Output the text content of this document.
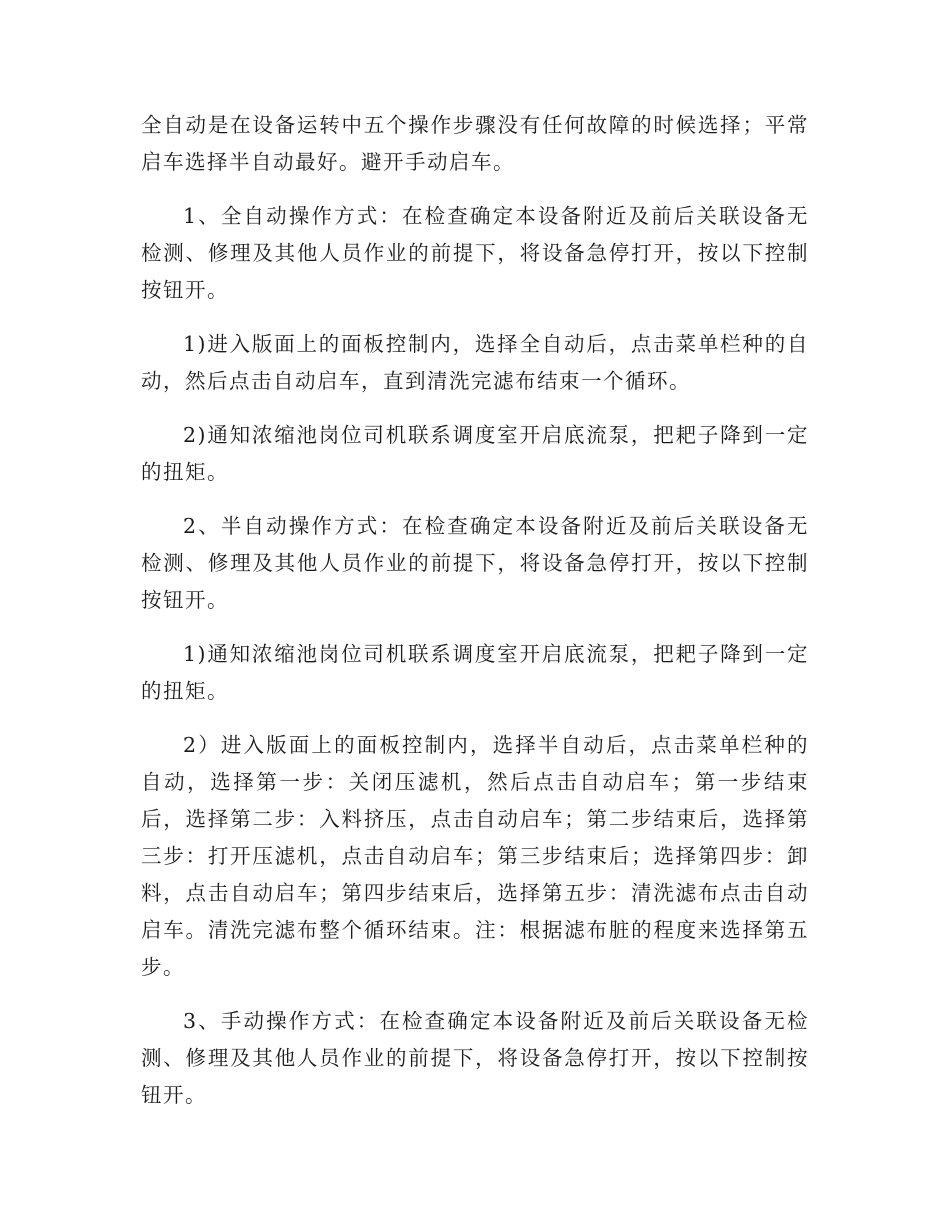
全自动是在设备运转中五个操作步骤没有任何故障的时候选择；平常启车选择半自动最好。避开手动启车。

1、全自动操作方式：在检查确定本设备附近及前后关联设备无检测、修理及其他人员作业的前提下，将设备急停打开，按以下控制按钮开。

1)进入版面上的面板控制内，选择全自动后，点击菜单栏种的自动，然后点击自动启车，直到清洗完滤布结束一个循环。

2)通知浓缩池岗位司机联系调度室开启底流泵，把耙子降到一定的扭矩。

2、半自动操作方式：在检查确定本设备附近及前后关联设备无检测、修理及其他人员作业的前提下，将设备急停打开，按以下控制按钮开。

1)通知浓缩池岗位司机联系调度室开启底流泵，把耙子降到一定的扭矩。

2）进入版面上的面板控制内，选择半自动后，点击菜单栏种的自动，选择第一步：关闭压滤机，然后点击自动启车；第一步结束后，选择第二步：入料挤压，点击自动启车；第二步结束后，选择第三步：打开压滤机，点击自动启车；第三步结束后；选择第四步：卸料，点击自动启车；第四步结束后，选择第五步：清洗滤布点击自动启车。清洗完滤布整个循环结束。注：根据滤布脏的程度来选择第五步。

3、手动操作方式：在检查确定本设备附近及前后关联设备无检测、修理及其他人员作业的前提下，将设备急停打开，按以下控制按钮开。
